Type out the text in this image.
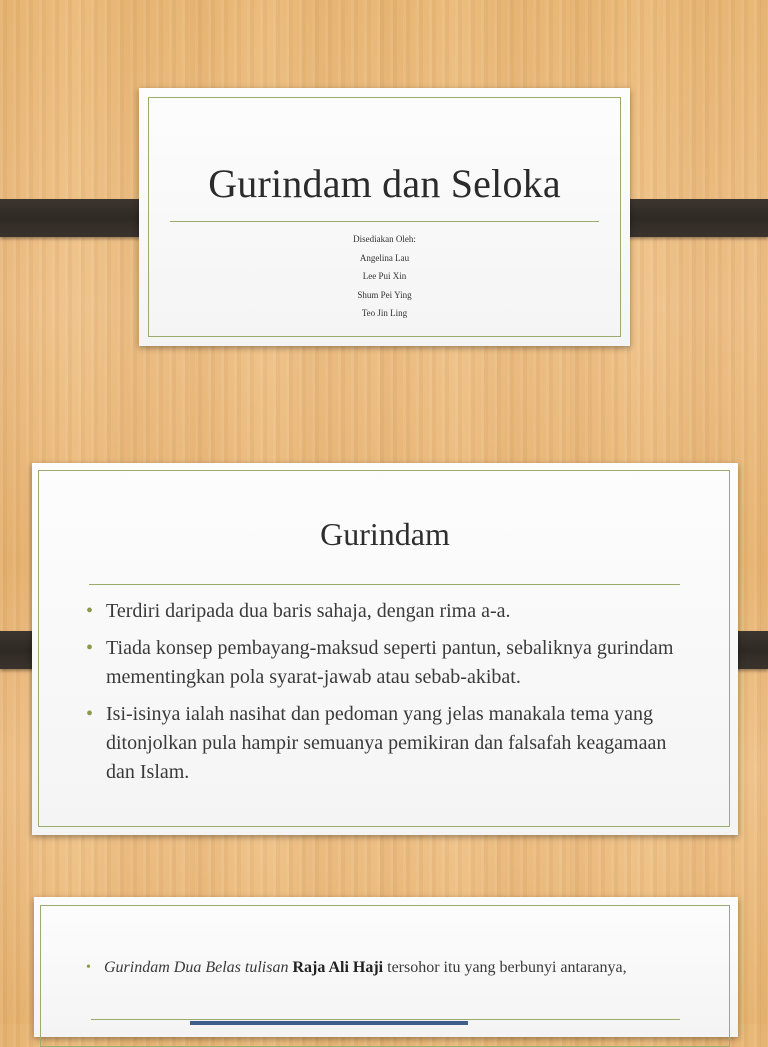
Gurindam dan Seloka
Disediakan Oleh:
Angelina Lau
Lee Pui Xin
Shum Pei Ying
Teo Jin Ling
Gurindam
• Terdiri daripada dua baris sahaja, dengan rima a-a.
• Tiada konsep pembayang-maksud seperti pantun, sebaliknya gurindam mementingkan pola syarat-jawab atau sebab-akibat.
• Isi-isinya ialah nasihat dan pedoman yang jelas manakala tema yang ditonjolkan pula hampir semuanya pemikiran dan falsafah keagamaan dan Islam.
• Gurindam Dua Belas tulisan Raja Ali Haji tersohor itu yang berbunyi antaranya,
